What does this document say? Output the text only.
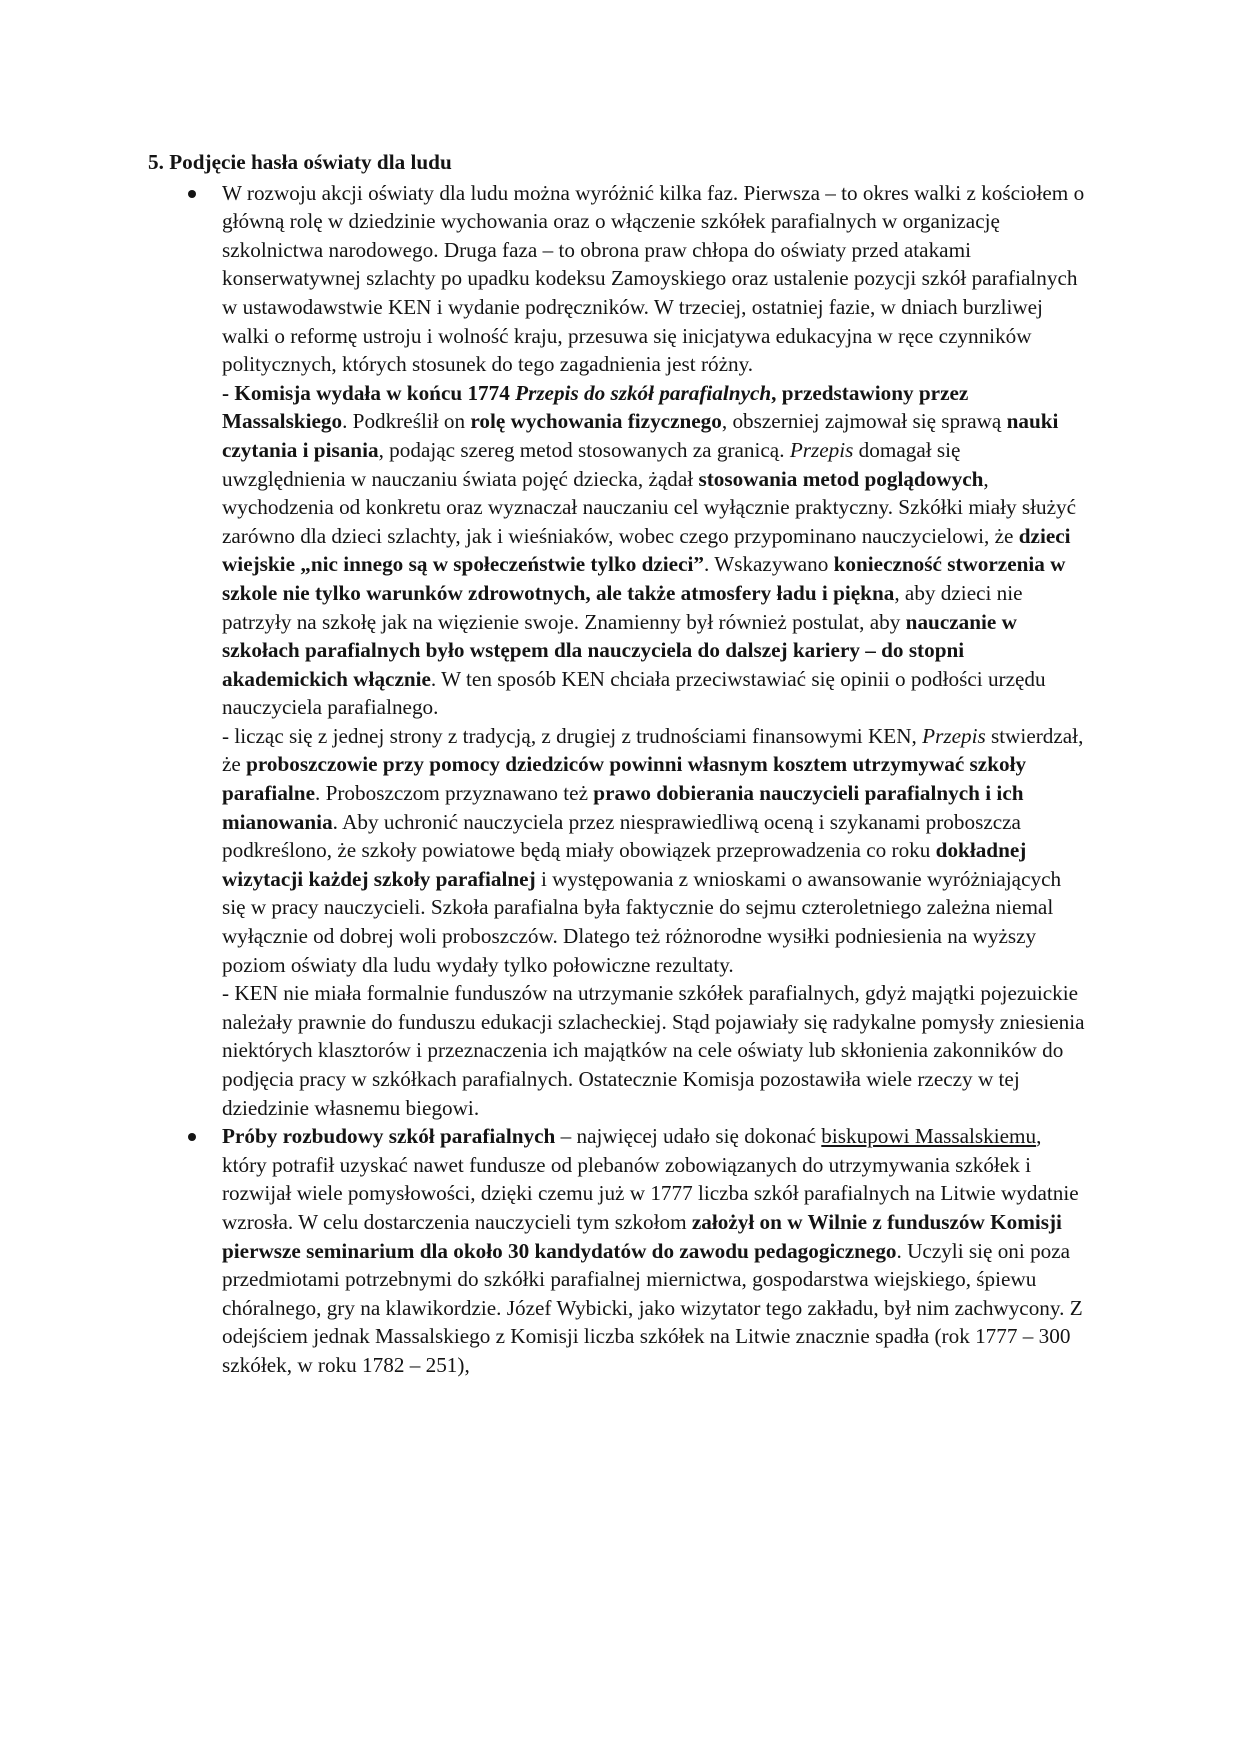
5. Podjęcie hasła oświaty dla ludu

W rozwoju akcji oświaty dla ludu można wyróżnić kilka faz. Pierwsza – to okres walki z kościołem o główną rolę w dziedzinie wychowania oraz o włączenie szkółek parafialnych w organizację szkolnictwa narodowego. Druga faza – to obrona praw chłopa do oświaty przed atakami konserwatywnej szlachty po upadku kodeksu Zamoyskiego oraz ustalenie pozycji szkół parafialnych w ustawodawstwie KEN i wydanie podręczników. W trzeciej, ostatniej fazie, w dniach burzliwej walki o reformę ustroju i wolność kraju, przesuwa się inicjatywa edukacyjna w ręce czynników politycznych, których stosunek do tego zagadnienia jest różny.

- Komisja wydała w końcu 1774 Przepis do szkół parafialnych, przedstawiony przez Massalskiego. Podkreślił on rolę wychowania fizycznego, obszerniej zajmował się sprawą nauki czytania i pisania, podając szereg metod stosowanych za granicą. Przepis domagał się uwzględnienia w nauczaniu świata pojęć dziecka, żądał stosowania metod poglądowych, wychodzenia od konkretu oraz wyznaczał nauczaniu cel wyłącznie praktyczny. Szkółki miały służyć zarówno dla dzieci szlachty, jak i wieśniaków, wobec czego przypominano nauczycielowi, że dzieci wiejskie „nic innego są w społeczeństwie tylko dzieci”. Wskazywano konieczność stworzenia w szkole nie tylko warunków zdrowotnych, ale także atmosfery ładu i piękna, aby dzieci nie patrzyły na szkołę jak na więzienie swoje. Znamienny był również postulat, aby nauczanie w szkołach parafialnych było wstępem dla nauczyciela do dalszej kariery – do stopni akademickich włącznie. W ten sposób KEN chciała przeciwstawiać się opinii o podłości urzędu nauczyciela parafialnego.

- licząc się z jednej strony z tradycją, z drugiej z trudnościami finansowymi KEN, Przepis stwierdzał, że proboszczowie przy pomocy dziedziców powinni własnym kosztem utrzymywać szkoły parafialne. Proboszczom przyznawano też prawo dobierania nauczycieli parafialnych i ich mianowania. Aby uchronić nauczyciela przez niesprawiedliwą oceną i szykanami proboszcza podkreślono, że szkoły powiatowe będą miały obowiązek przeprowadzenia co roku dokładnej wizytacji każdej szkoły parafialnej i występowania z wnioskami o awansowanie wyróżniających się w pracy nauczycieli. Szkoła parafialna była faktycznie do sejmu czteroletniego zależna niemal wyłącznie od dobrej woli proboszczów. Dlatego też różnorodne wysiłki podniesienia na wyższy poziom oświaty dla ludu wydały tylko połowiczne rezultaty.

- KEN nie miała formalnie funduszów na utrzymanie szkółek parafialnych, gdyż majątki pojezuickie należały prawnie do funduszu edukacji szlacheckiej. Stąd pojawiały się radykalne pomysły zniesienia niektórych klasztorów i przeznaczenia ich majątków na cele oświaty lub skłonienia zakonników do podjęcia pracy w szkółkach parafialnych. Ostatecznie Komisja pozostawiła wiele rzeczy w tej dziedzinie własnemu biegowi.

Próby rozbudowy szkół parafialnych – najwięcej udało się dokonać biskupowi Massalskiemu, który potrafił uzyskać nawet fundusze od plebanów zobowiązanych do utrzymywania szkółek i rozwijał wiele pomysłowości, dzięki czemu już w 1777 liczba szkół parafialnych na Litwie wydatnie wzrosła. W celu dostarczenia nauczycieli tym szkołom założył on w Wilnie z funduszów Komisji pierwsze seminarium dla około 30 kandydatów do zawodu pedagogicznego. Uczyli się oni poza przedmiotami potrzebnymi do szkółki parafialnej miernictwa, gospodarstwa wiejskiego, śpiewu chóralnego, gry na klawikordzie. Józef Wybicki, jako wizytator tego zakładu, był nim zachwycony. Z odejściem jednak Massalskiego z Komisji liczba szkółek na Litwie znacznie spadła (rok 1777 – 300 szkółek, w roku 1782 – 251),
